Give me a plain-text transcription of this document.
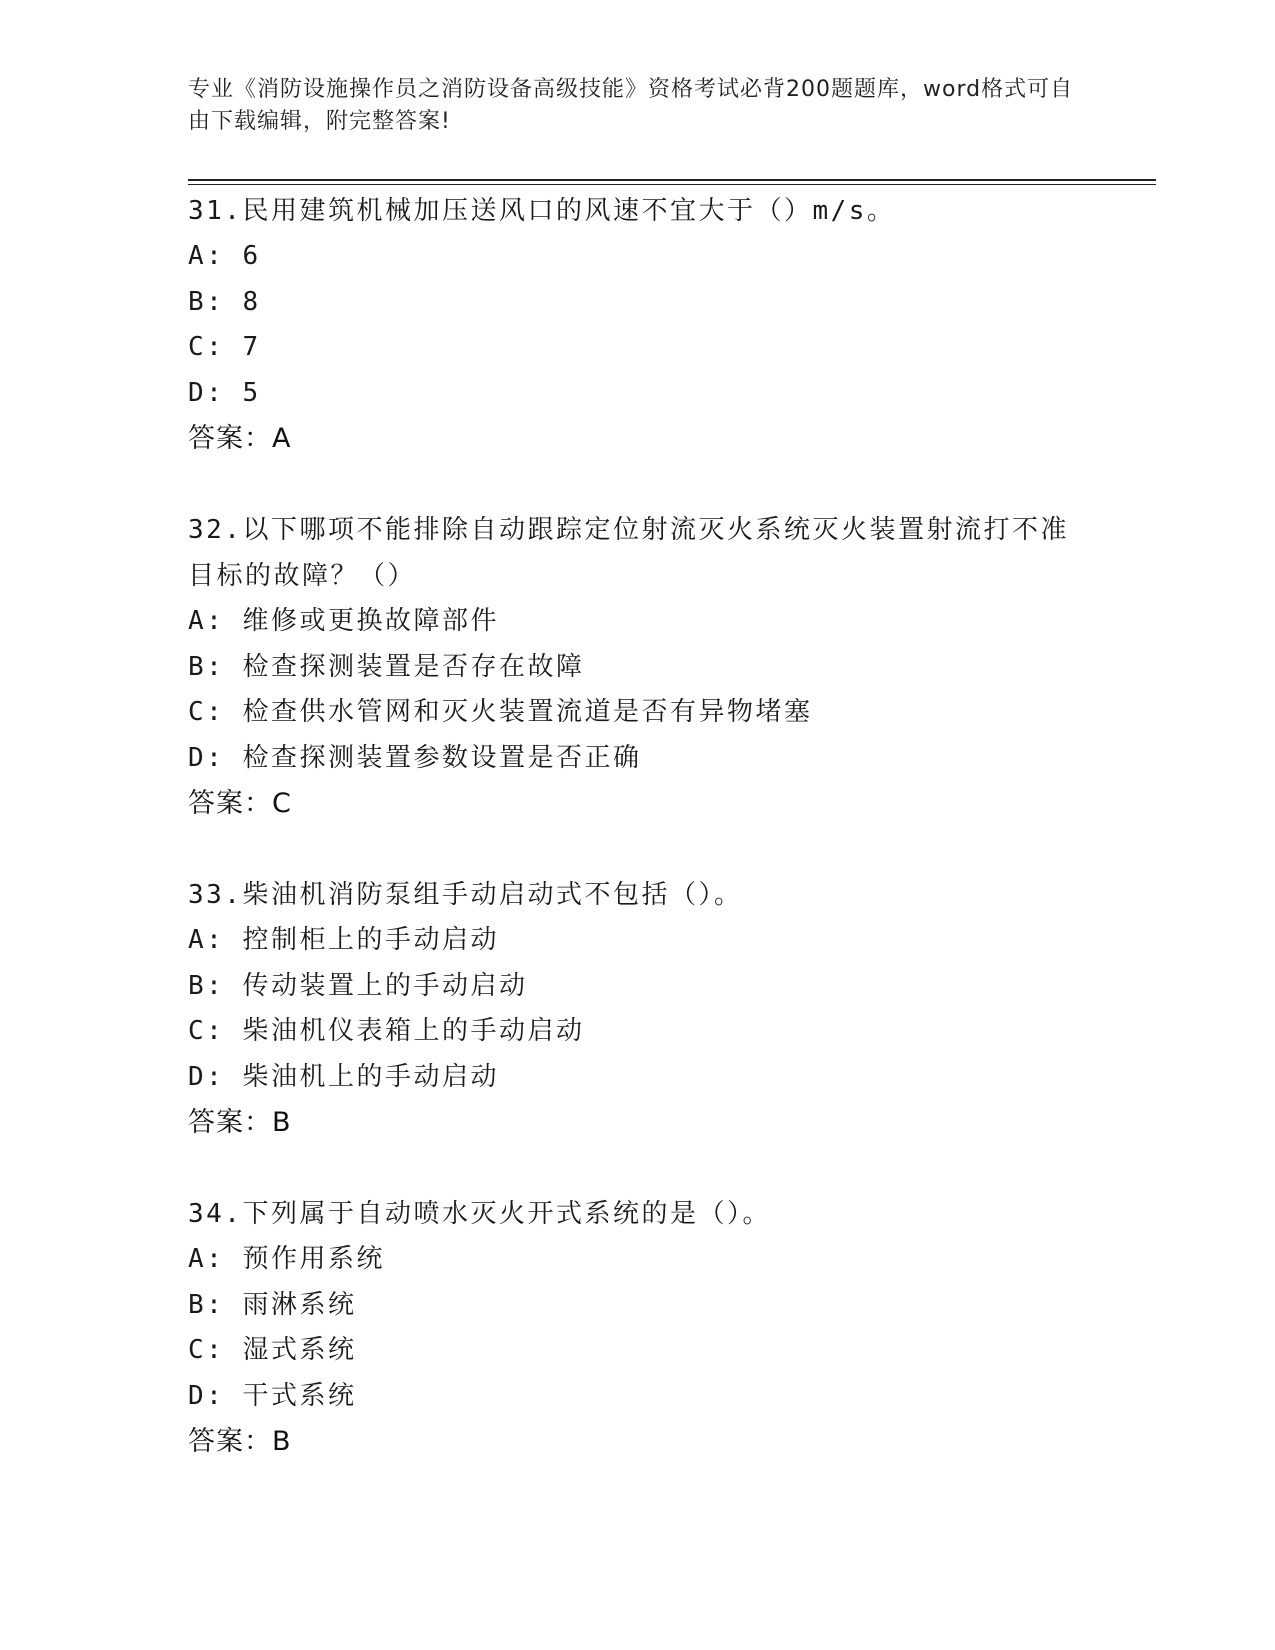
专业《消防设施操作员之消防设备高级技能》资格考试必背200题题库，word格式可自由下载编辑，附完整答案!
31.民用建筑机械加压送风口的风速不宜大于（）m/s。
A: 6
B: 8
C: 7
D: 5
答案：A
32.以下哪项不能排除自动跟踪定位射流灭火系统灭火装置射流打不准目标的故障？（）
A: 维修或更换故障部件
B: 检查探测装置是否存在故障
C: 检查供水管网和灭火装置流道是否有异物堵塞
D: 检查探测装置参数设置是否正确
答案：C
33.柴油机消防泵组手动启动式不包括（）。
A: 控制柜上的手动启动
B: 传动装置上的手动启动
C: 柴油机仪表箱上的手动启动
D: 柴油机上的手动启动
答案：B
34.下列属于自动喷水灭火开式系统的是（）。
A: 预作用系统
B: 雨淋系统
C: 湿式系统
D: 干式系统
答案：B
